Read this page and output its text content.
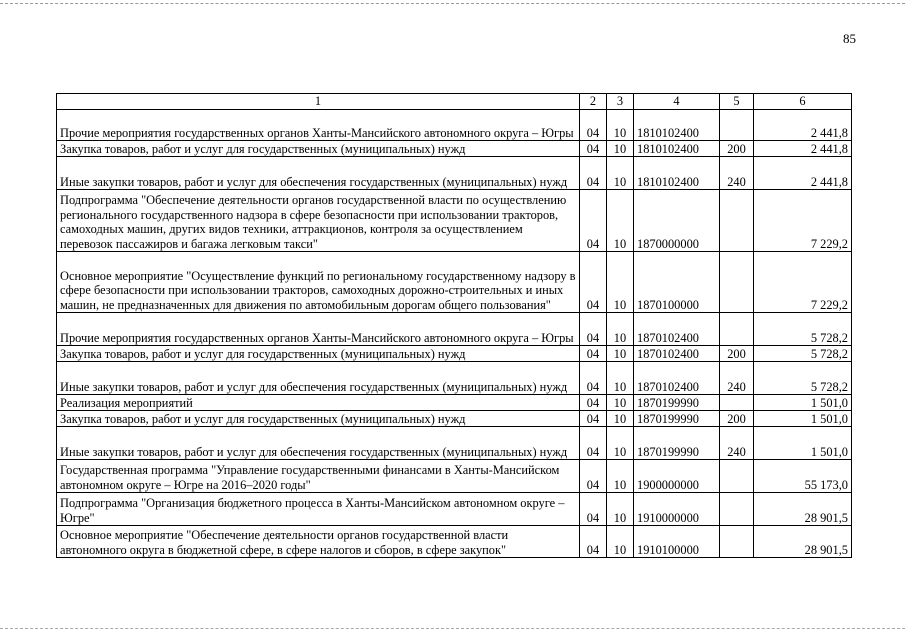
85
1	2	3	4	5	6
Прочие мероприятия государственных органов Ханты-Мансийского автономного округа – Югры	04	10	1810102400		2 441,8
Закупка товаров, работ и услуг для государственных (муниципальных) нужд	04	10	1810102400	200	2 441,8
Иные закупки товаров, работ и услуг для обеспечения государственных (муниципальных) нужд	04	10	1810102400	240	2 441,8
Подпрограмма "Обеспечение деятельности органов государственной власти по осуществлению регионального государственного надзора в сфере безопасности при использовании тракторов, самоходных машин, других видов техники, аттракционов, контроля за осуществлением перевозок пассажиров и багажа легковым такси"	04	10	1870000000		7 229,2
Основное мероприятие "Осуществление функций по региональному государственному надзору в сфере безопасности при использовании тракторов, самоходных дорожно-строительных и иных машин, не предназначенных для движения по автомобильным дорогам общего пользования"	04	10	1870100000		7 229,2
Прочие мероприятия государственных органов Ханты-Мансийского автономного округа – Югры	04	10	1870102400		5 728,2
Закупка товаров, работ и услуг для государственных (муниципальных) нужд	04	10	1870102400	200	5 728,2
Иные закупки товаров, работ и услуг для обеспечения государственных (муниципальных) нужд	04	10	1870102400	240	5 728,2
Реализация мероприятий	04	10	1870199990		1 501,0
Закупка товаров, работ и услуг для государственных (муниципальных) нужд	04	10	1870199990	200	1 501,0
Иные закупки товаров, работ и услуг для обеспечения государственных (муниципальных) нужд	04	10	1870199990	240	1 501,0
Государственная программа "Управление государственными финансами в Ханты-Мансийском автономном округе – Югре на 2016–2020 годы"	04	10	1900000000		55 173,0
Подпрограмма "Организация бюджетного процесса в Ханты-Мансийском автономном округе – Югре"	04	10	1910000000		28 901,5
Основное мероприятие "Обеспечение деятельности органов государственной власти автономного округа в бюджетной сфере, в сфере налогов и сборов, в сфере закупок"	04	10	1910100000		28 901,5
